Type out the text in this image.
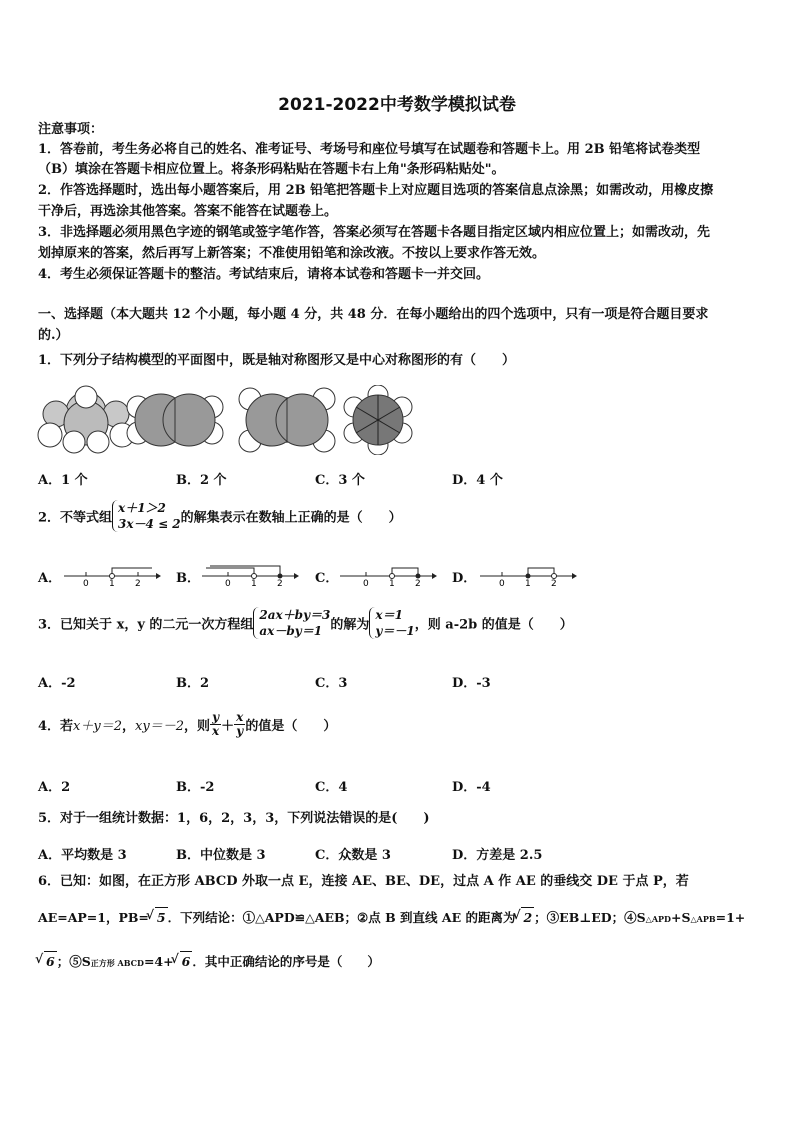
2021-2022中考数学模拟试卷
注意事项：
1．答卷前，考生务必将自己的姓名、准考证号、考场号和座位号填写在试题卷和答题卡上。用 2B 铅笔将试卷类型
（B）填涂在答题卡相应位置上。将条形码粘贴在答题卡右上角"条形码粘贴处"。
2．作答选择题时，选出每小题答案后，用 2B 铅笔把答题卡上对应题目选项的答案信息点涂黑；如需改动，用橡皮擦
干净后，再选涂其他答案。答案不能答在试题卷上。
3．非选择题必须用黑色字迹的钢笔或签字笔作答，答案必须写在答题卡各题目指定区域内相应位置上；如需改动，先
划掉原来的答案，然后再写上新答案；不准使用铅笔和涂改液。不按以上要求作答无效。
4．考生必须保证答题卡的整洁。考试结束后，请将本试卷和答题卡一并交回。
一、选择题（本大题共 12 个小题，每小题 4 分，共 48 分．在每小题给出的四个选项中，只有一项是符合题目要求
的.）
1．下列分子结构模型的平面图中，既是轴对称图形又是中心对称图形的有（　　）
A．1 个	B．2 个	C．3 个	D．4 个
2．不等式组
x＋1＞2
3x－4 ≤ 2 的解集表示在数轴上正确的是（　　）
A．	B．	C．	D．
0 1 2	0 1 2	0 1 2	0 1 2
3．已知关于 x，y 的二元一次方程组
2ax＋by＝3
ax－by＝1 的解为
x＝1
y＝－1 ，则 a-2b 的值是（　　）
A．-2	B．2	C．3	D．-3
4．若x＋y＝2，xy＝－2，则 $\frac{y}{x} + \frac{x}{y}$ 的值是（　　）
A．2	B．-2	C．4	D．-4
5．对于一组统计数据：1，6，2，3，3，下列说法错误的是(　　)
A．平均数是 3	B．中位数是 3	C．众数是 3	D．方差是 2.5
6．已知：如图，在正方形 ABCD 外取一点 E，连接 AE、BE、DE，过点 A 作 AE 的垂线交 DE 于点 P，若
AE=AP=1，PB= √ 5 ．下列结论：①△APD≌△AEB；②点 B 到直线 AE 的距离为 √ 2 ；③EB⊥ED；④S△APD+S△APB=1+
√ 6 ；⑤S正方形 ABCD=4+ √ 6 ．其中正确结论的序号是（　　）
